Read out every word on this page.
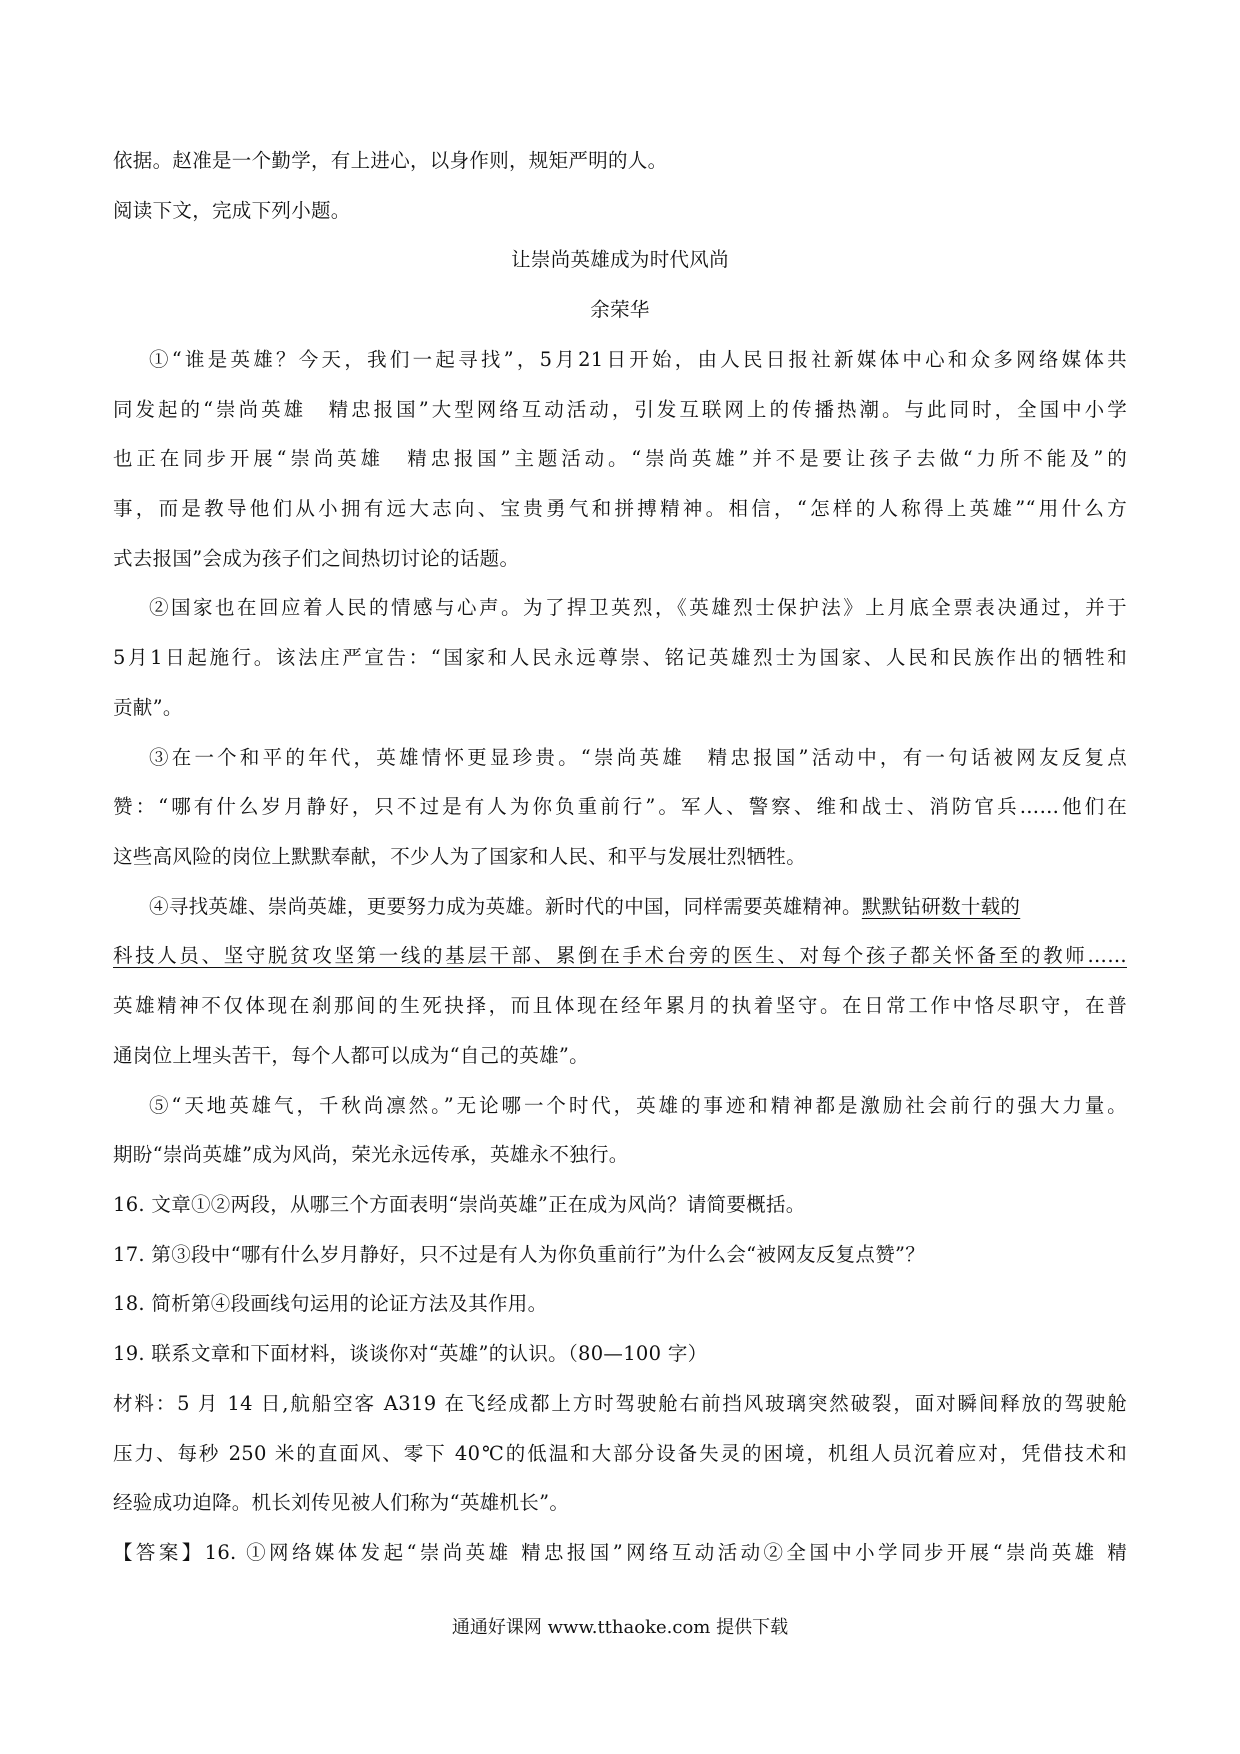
依据。赵准是一个勤学，有上进心，以身作则，规矩严明的人。
阅读下文，完成下列小题。
让崇尚英雄成为时代风尚
余荣华
①“谁是英雄？今天，我们一起寻找”，5月21日开始，由人民日报社新媒体中心和众多网络媒体共
同发起的“崇尚英雄　精忠报国”大型网络互动活动，引发互联网上的传播热潮。与此同时，全国中小学
也正在同步开展“崇尚英雄　精忠报国”主题活动。“崇尚英雄”并不是要让孩子去做“力所不能及”的
事，而是教导他们从小拥有远大志向、宝贵勇气和拼搏精神。相信，“怎样的人称得上英雄”“用什么方
式去报国”会成为孩子们之间热切讨论的话题。
②国家也在回应着人民的情感与心声。为了捍卫英烈，《英雄烈士保护法》上月底全票表决通过，并于
5月1日起施行。该法庄严宣告：“国家和人民永远尊崇、铭记英雄烈士为国家、人民和民族作出的牺牲和
贡献”。
③在一个和平的年代，英雄情怀更显珍贵。“崇尚英雄　精忠报国”活动中，有一句话被网友反复点
赞：“哪有什么岁月静好，只不过是有人为你负重前行”。军人、警察、维和战士、消防官兵……他们在
这些高风险的岗位上默默奉献，不少人为了国家和人民、和平与发展壮烈牺牲。
④寻找英雄、崇尚英雄，更要努力成为英雄。新时代的中国，同样需要英雄精神。默默钻研数十载的
科技人员、坚守脱贫攻坚第一线的基层干部、累倒在手术台旁的医生、对每个孩子都关怀备至的教师……
英雄精神不仅体现在刹那间的生死抉择，而且体现在经年累月的执着坚守。在日常工作中恪尽职守，在普
通岗位上埋头苦干，每个人都可以成为“自己的英雄”。
⑤“天地英雄气，千秋尚凛然。”无论哪一个时代，英雄的事迹和精神都是激励社会前行的强大力量。
期盼“崇尚英雄”成为风尚，荣光永远传承，英雄永不独行。
16. 文章①②两段，从哪三个方面表明“崇尚英雄”正在成为风尚？请简要概括。
17. 第③段中“哪有什么岁月静好，只不过是有人为你负重前行”为什么会“被网友反复点赞”？
18. 简析第④段画线句运用的论证方法及其作用。
19. 联系文章和下面材料，谈谈你对“英雄”的认识。（80—100 字）
材料：5 月 14 日,航船空客 A319 在飞经成都上方时驾驶舱右前挡风玻璃突然破裂，面对瞬间释放的驾驶舱
压力、每秒 250 米的直面风、零下 40℃的低温和大部分设备失灵的困境，机组人员沉着应对，凭借技术和
经验成功迫降。机长刘传见被人们称为“英雄机长”。
【答案】16. ①网络媒体发起“崇尚英雄 精忠报国”网络互动活动②全国中小学同步开展“崇尚英雄 精
通通好课网 www.tthaoke.com 提供下载
